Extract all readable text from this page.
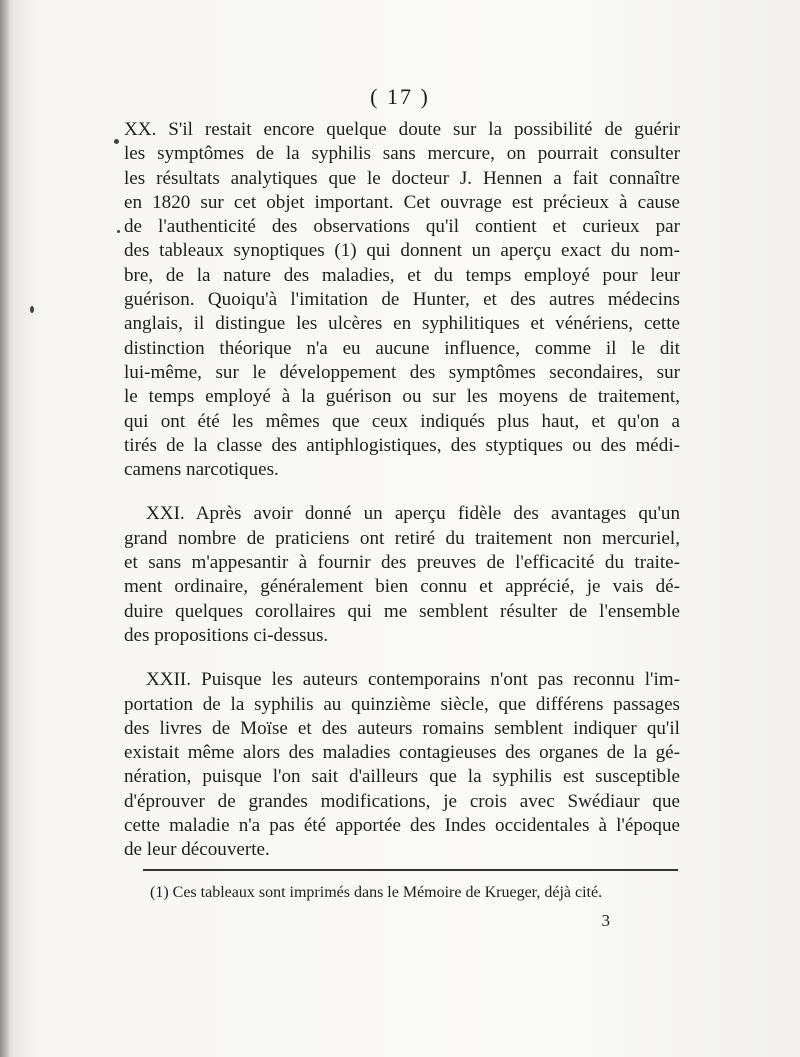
( 17 )
XX. S'il restait encore quelque doute sur la possibilité de guérir
les symptômes de la syphilis sans mercure, on pourrait consulter
les résultats analytiques que le docteur J. Hennen a fait connaître
en 1820 sur cet objet important. Cet ouvrage est précieux à cause
de l'authenticité des observations qu'il contient et curieux par
des tableaux synoptiques (1) qui donnent un aperçu exact du nom-
bre, de la nature des maladies, et du temps employé pour leur
guérison. Quoiqu'à l'imitation de Hunter, et des autres médecins
anglais, il distingue les ulcères en syphilitiques et vénériens, cette
distinction théorique n'a eu aucune influence, comme il le dit
lui-même, sur le développement des symptômes secondaires, sur
le temps employé à la guérison ou sur les moyens de traitement,
qui ont été les mêmes que ceux indiqués plus haut, et qu'on a
tirés de la classe des antiphlogistiques, des styptiques ou des médi-
camens narcotiques.
XXI. Après avoir donné un aperçu fidèle des avantages qu'un
grand nombre de praticiens ont retiré du traitement non mercuriel,
et sans m'appesantir à fournir des preuves de l'efficacité du traite-
ment ordinaire, généralement bien connu et apprécié, je vais dé-
duire quelques corollaires qui me semblent résulter de l'ensemble
des propositions ci-dessus.
XXII. Puisque les auteurs contemporains n'ont pas reconnu l'im-
portation de la syphilis au quinzième siècle, que différens passages
des livres de Moïse et des auteurs romains semblent indiquer qu'il
existait même alors des maladies contagieuses des organes de la gé-
nération, puisque l'on sait d'ailleurs que la syphilis est susceptible
d'éprouver de grandes modifications, je crois avec Swédiaur que
cette maladie n'a pas été apportée des Indes occidentales à l'époque
de leur découverte.
(1) Ces tableaux sont imprimés dans le Mémoire de Krueger, déjà cité.
3
